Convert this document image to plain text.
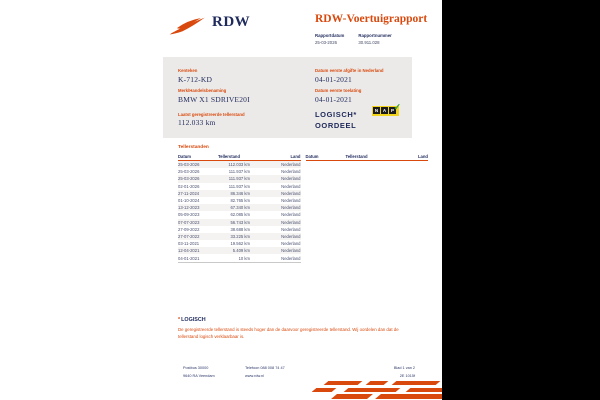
RDW	RDW-Voertuigrapport
Rapportdatum
25-03-2026
Rapportnummer
30.911.028
Kenteken
K-712-KD
Merk/Handelsbenaming
BMW X1 SDRIVE20I
Laatst geregistreerde tellerstand
112.033 km
Datum eerste afgifte in Nederland
04-01-2021
Datum eerste toelating
04-01-2021
LOGISCH*
OORDEEL
N	A	P ✓
Tellerstanden
Datum	Tellerstand	Land
25-03-2026	112.033 km	Nederland
25-03-2026	111.937 km	Nederland
25-03-2026	111.937 km	Nederland
02-01-2026	111.937 km	Nederland
27-11-2024	86.346 km	Nederland
01-10-2024	82.765 km	Nederland
13-12-2023	67.340 km	Nederland
05-09-2023	62.085 km	Nederland
07-07-2023	56.743 km	Nederland
27-09-2022	38.688 km	Nederland
27-07-2022	33.225 km	Nederland
03-11-2021	19.562 km	Nederland
12-04-2021	5.409 km	Nederland
04-01-2021	10 km	Nederland
Datum	Tellerstand	Land
*LOGISCH
De geregistreerde tellerstand is steeds hoger dan de daarvoor geregistreerde tellerstand. Wij oordelen dan dat de tellerstand logisch verklaarbaar is.
Postbus 30000
9640 RA Veendam
Telefoon 088 008 74 47
www.rdw.nl
Blad 1 van 2
2E 1015f
